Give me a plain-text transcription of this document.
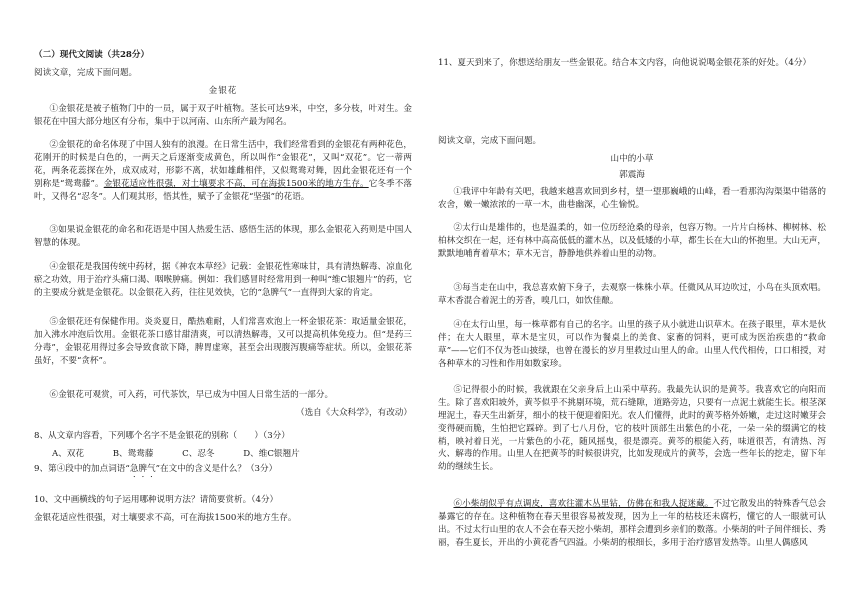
（二）现代文阅读（共28分）

阅读文章，完成下面问题。

金银花

①金银花是被子植物门中的一员，属于双子叶植物。茎长可达9米，中空，多分枝，叶对生。金银花在中国大部分地区有分布，集中于以河南、山东所产最为闻名。

②金银花的命名体现了中国人独有的浪漫。在日常生活中，我们经常看到的金银花有两种花色，花刚开的时候是白色的，一两天之后逐渐变成黄色，所以叫作“金银花”，又叫“双花”。它一蒂两花，两条花蕊探在外，成双成对，形影不离，状如雄雌相伴，又似鸳鸯对舞，因此金银花还有一个别称是“鸳鸯藤”。金银花适应性很强，对土壤要求不高，可在海拔1500米的地方生存。它冬季不落叶，又得名“忍冬”。人们观其形，悟其性，赋予了金银花“坚强”的花语。

③如果说金银花的命名和花语是中国人热爱生活、感悟生活的体现，那么金银花入药则是中国人智慧的体现。

④金银花是我国传统中药材，据《神农本草经》记载：金银花性寒味甘，具有清热解毒、凉血化瘀之功效，用于治疗头痛口渴、咽喉肿痛。例如：我们感冒时经常用到一种叫“维C银翘片”的药，它的主要成分就是金银花。以金银花入药，往往见效快，它的“急脾气”一直得到大家的肯定。

⑤金银花还有保健作用。炎炎夏日，酷热难耐，人们常喜欢泡上一杯金银花茶：取适量金银花，加入沸水冲泡后饮用。金银花茶口感甘甜清爽，可以清热解毒，又可以提高机体免疫力。但“是药三分毒”，金银花用得过多会导致食欲下降，脾胃虚寒，甚至会出现腹泻腹痛等症状。所以，金银花茶虽好，不要“贪杯”。

⑥金银花可观赏，可入药，可代茶饮，早已成为中国人日常生活的一部分。

（选自《大众科学》，有改动）

8、从文章内容看，下列哪个名字不是金银花的别称（　　）（3分）

A、双花	B、鸳鸯藤	C、忍冬	D、维C银翘片

9、第④段中的加点词语“急脾气”在文中的含义是什么？（3分）

10、文中画横线的句子运用哪种说明方法？请简要赏析。（4分）

金银花适应性很强，对土壤要求不高，可在海拔1500米的地方生存。

11、夏天到来了，你想送给朋友一些金银花。结合本文内容，向他说说喝金银花茶的好处。（4分）

阅读文章，完成下面问题。

山中的小草

郭震海

①我评中年龄有关吧，我越来越喜欢回到乡村，望一望那巍峨的山峰，看一看那沟沟渠渠中错落的农舍，嫩一嫩浓浓的一草一木，曲巷幽深，心生愉悦。

②太行山是雄伟的，也是温柔的，如一位历经沧桑的母亲，包容万物。一片片白杨林、柳树林、松柏林交织在一起，还有林中高高低低的灌木丛，以及低矮的小草，都生长在大山的怀抱里。大山无声，默默地哺育着草木；草木无言，静静地供养着山里的动物。

③每当走在山中，我总喜欢俯下身子，去观察一株株小草。任微风从耳边吹过，小鸟在头顶欢唱。草木香混合着泥土的芳香，嗅几口，如饮佳酿。

④在太行山里，每一株草都有自己的名字。山里的孩子从小就进山识草木。在孩子眼里，草木是伙伴；在大人眼里，草木是宝贝，可以作为餐桌上的美食、家畜的饲料，更可成为医治疾患的“救命草”——它们不仅为苍山披绿，也曾在漫长的岁月里救过山里人的命。山里人代代相传，口口相授，对各种草木的习性和作用如数家珍。

⑤记得很小的时候，我就跟在父亲身后上山采中草药。我最先认识的是黄芩。我喜欢它的向阳而生。除了喜欢阳坡外，黄芩似乎不挑剔环境，荒石缝隙，道路旁边，只要有一点泥土就能生长。根茎深埋泥土，春天生出新芽，细小的枝干便迎着阳光。农人们懂得，此时的黄芩格外娇嫩，走过这时嫩芽会变得硬而脆，生怕把它踩碎。到了七八月份，它的枝叶顶部生出紫色的小花，一朵一朵的缀满它的枝梢，映衬着日光，一片紫色的小花，随风摇曳，很是漂亮。黄芩的根能入药，味道很苦，有清热、泻火、解毒的作用。山里人在把黄芩的时候很讲究，比如发现成片的黄芩，会选一些年长的挖走，留下年幼的继续生长。

⑥小柴胡似乎有点调皮，喜欢往灌木丛里钻，仿佛在和我人捉迷藏。不过它散发出的特殊香气总会暴露它的存在。这种植物在春天里很容易被发现，因为上一年的枯枝还未腐朽，懂它的人一眼就可认出。不过太行山里的农人不会在春天挖小柴胡，那样会遭到乡亲们的数落。小柴胡的叶子间伴细长、秀丽，春生夏长，开出的小黄花香气四溢。小柴胡的根细长，多用于治疗感冒发热等。山里人偶感风
